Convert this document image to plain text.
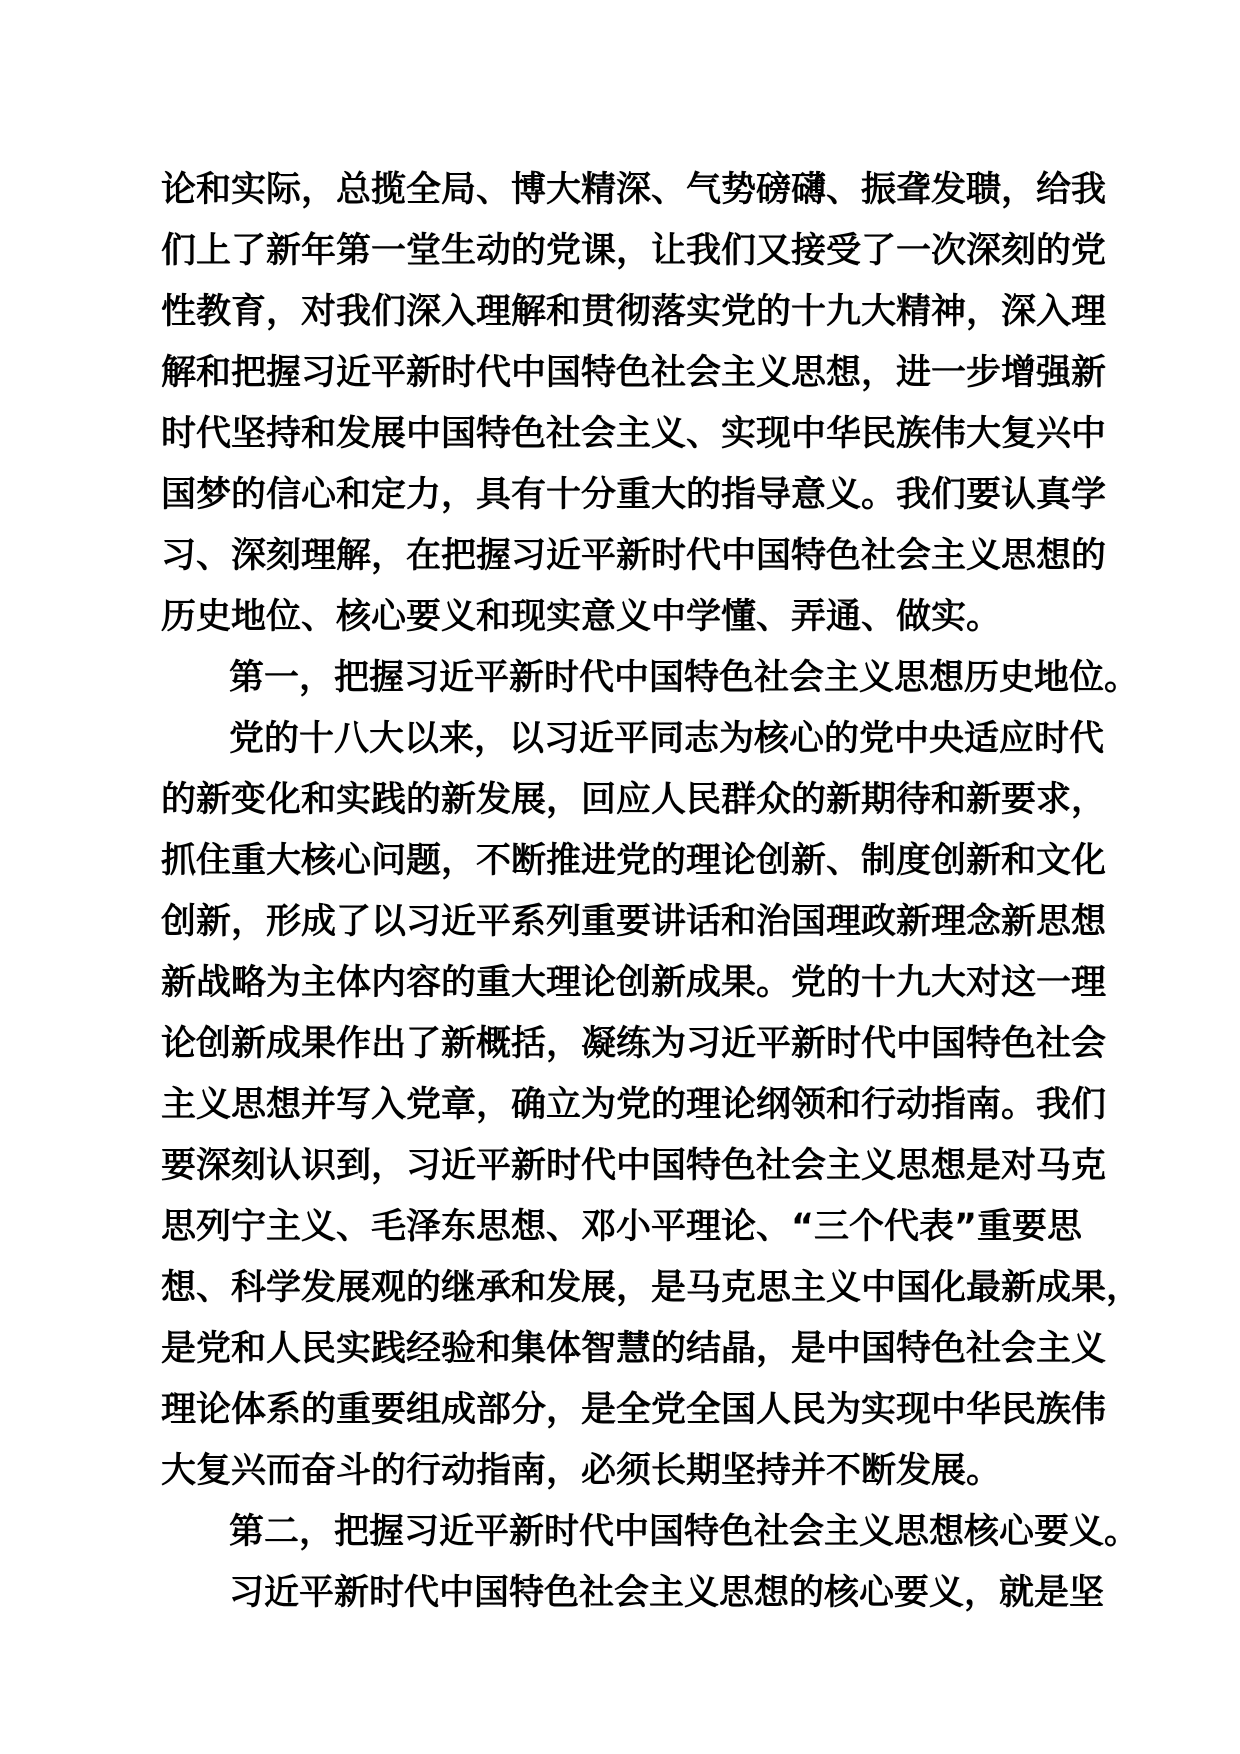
论和实际，总揽全局、博大精深、气势磅礴、振聋发聩，给我
们上了新年第一堂生动的党课，让我们又接受了一次深刻的党
性教育，对我们深入理解和贯彻落实党的十九大精神，深入理
解和把握习近平新时代中国特色社会主义思想，进一步增强新
时代坚持和发展中国特色社会主义、实现中华民族伟大复兴中
国梦的信心和定力，具有十分重大的指导意义。我们要认真学
习、深刻理解，在把握习近平新时代中国特色社会主义思想的
历史地位、核心要义和现实意义中学懂、弄通、做实。
第一，把握习近平新时代中国特色社会主义思想历史地位。
党的十八大以来，以习近平同志为核心的党中央适应时代
的新变化和实践的新发展，回应人民群众的新期待和新要求，
抓住重大核心问题，不断推进党的理论创新、制度创新和文化
创新，形成了以习近平系列重要讲话和治国理政新理念新思想
新战略为主体内容的重大理论创新成果。党的十九大对这一理
论创新成果作出了新概括，凝练为习近平新时代中国特色社会
主义思想并写入党章，确立为党的理论纲领和行动指南。我们
要深刻认识到，习近平新时代中国特色社会主义思想是对马克
思列宁主义、毛泽东思想、邓小平理论、“三个代表”重要思
想、科学发展观的继承和发展，是马克思主义中国化最新成果，
是党和人民实践经验和集体智慧的结晶，是中国特色社会主义
理论体系的重要组成部分，是全党全国人民为实现中华民族伟
大复兴而奋斗的行动指南，必须长期坚持并不断发展。
第二，把握习近平新时代中国特色社会主义思想核心要义。
习近平新时代中国特色社会主义思想的核心要义，就是坚
